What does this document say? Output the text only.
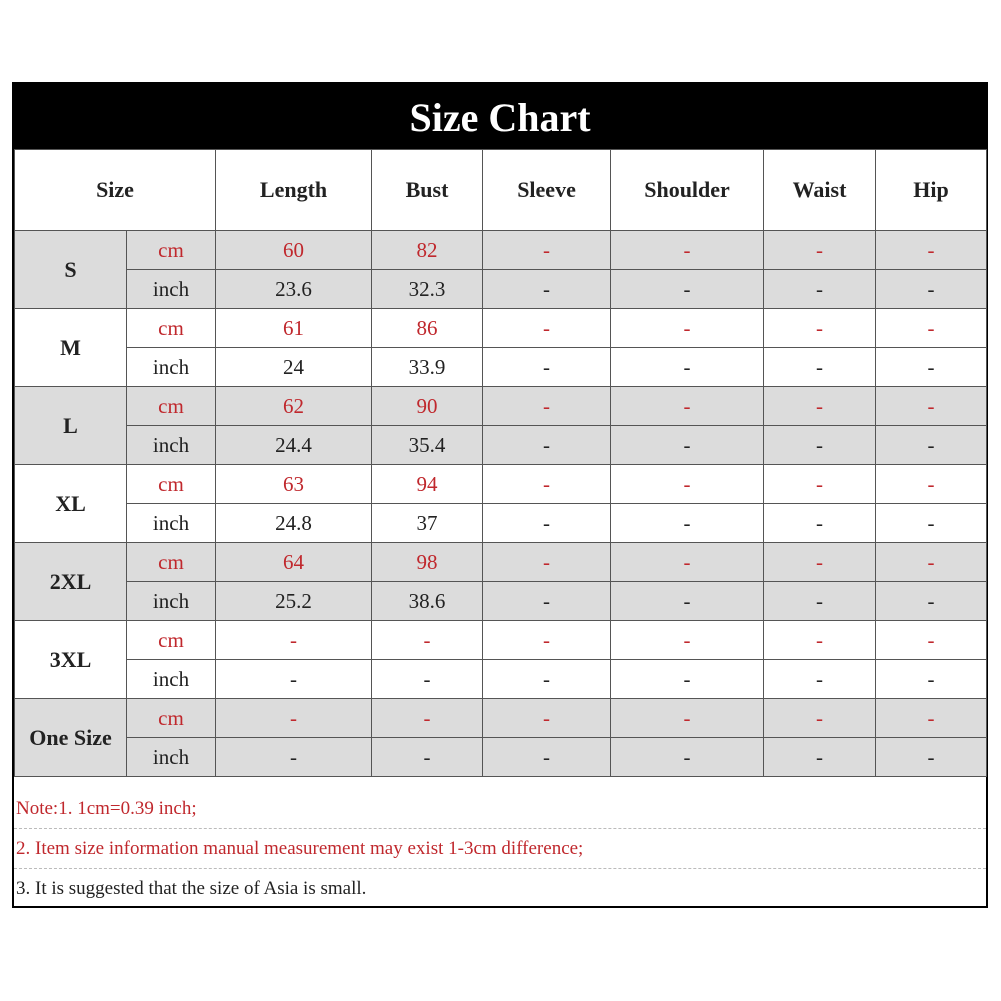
Size Chart
Size		Length	Bust	Sleeve	Shoulder	Waist	Hip
S	cm	60	82	-	-	-	-
	inch	23.6	32.3	-	-	-	-
M	cm	61	86	-	-	-	-
	inch	24	33.9	-	-	-	-
L	cm	62	90	-	-	-	-
	inch	24.4	35.4	-	-	-	-
XL	cm	63	94	-	-	-	-
	inch	24.8	37	-	-	-	-
2XL	cm	64	98	-	-	-	-
	inch	25.2	38.6	-	-	-	-
3XL	cm	-	-	-	-	-	-
	inch	-	-	-	-	-	-
One Size	cm	-	-	-	-	-	-
	inch	-	-	-	-	-	-
Note:1. 1cm=0.39 inch;
2. Item size information manual measurement may exist 1-3cm difference;
3. It is suggested that the size of Asia is small.
